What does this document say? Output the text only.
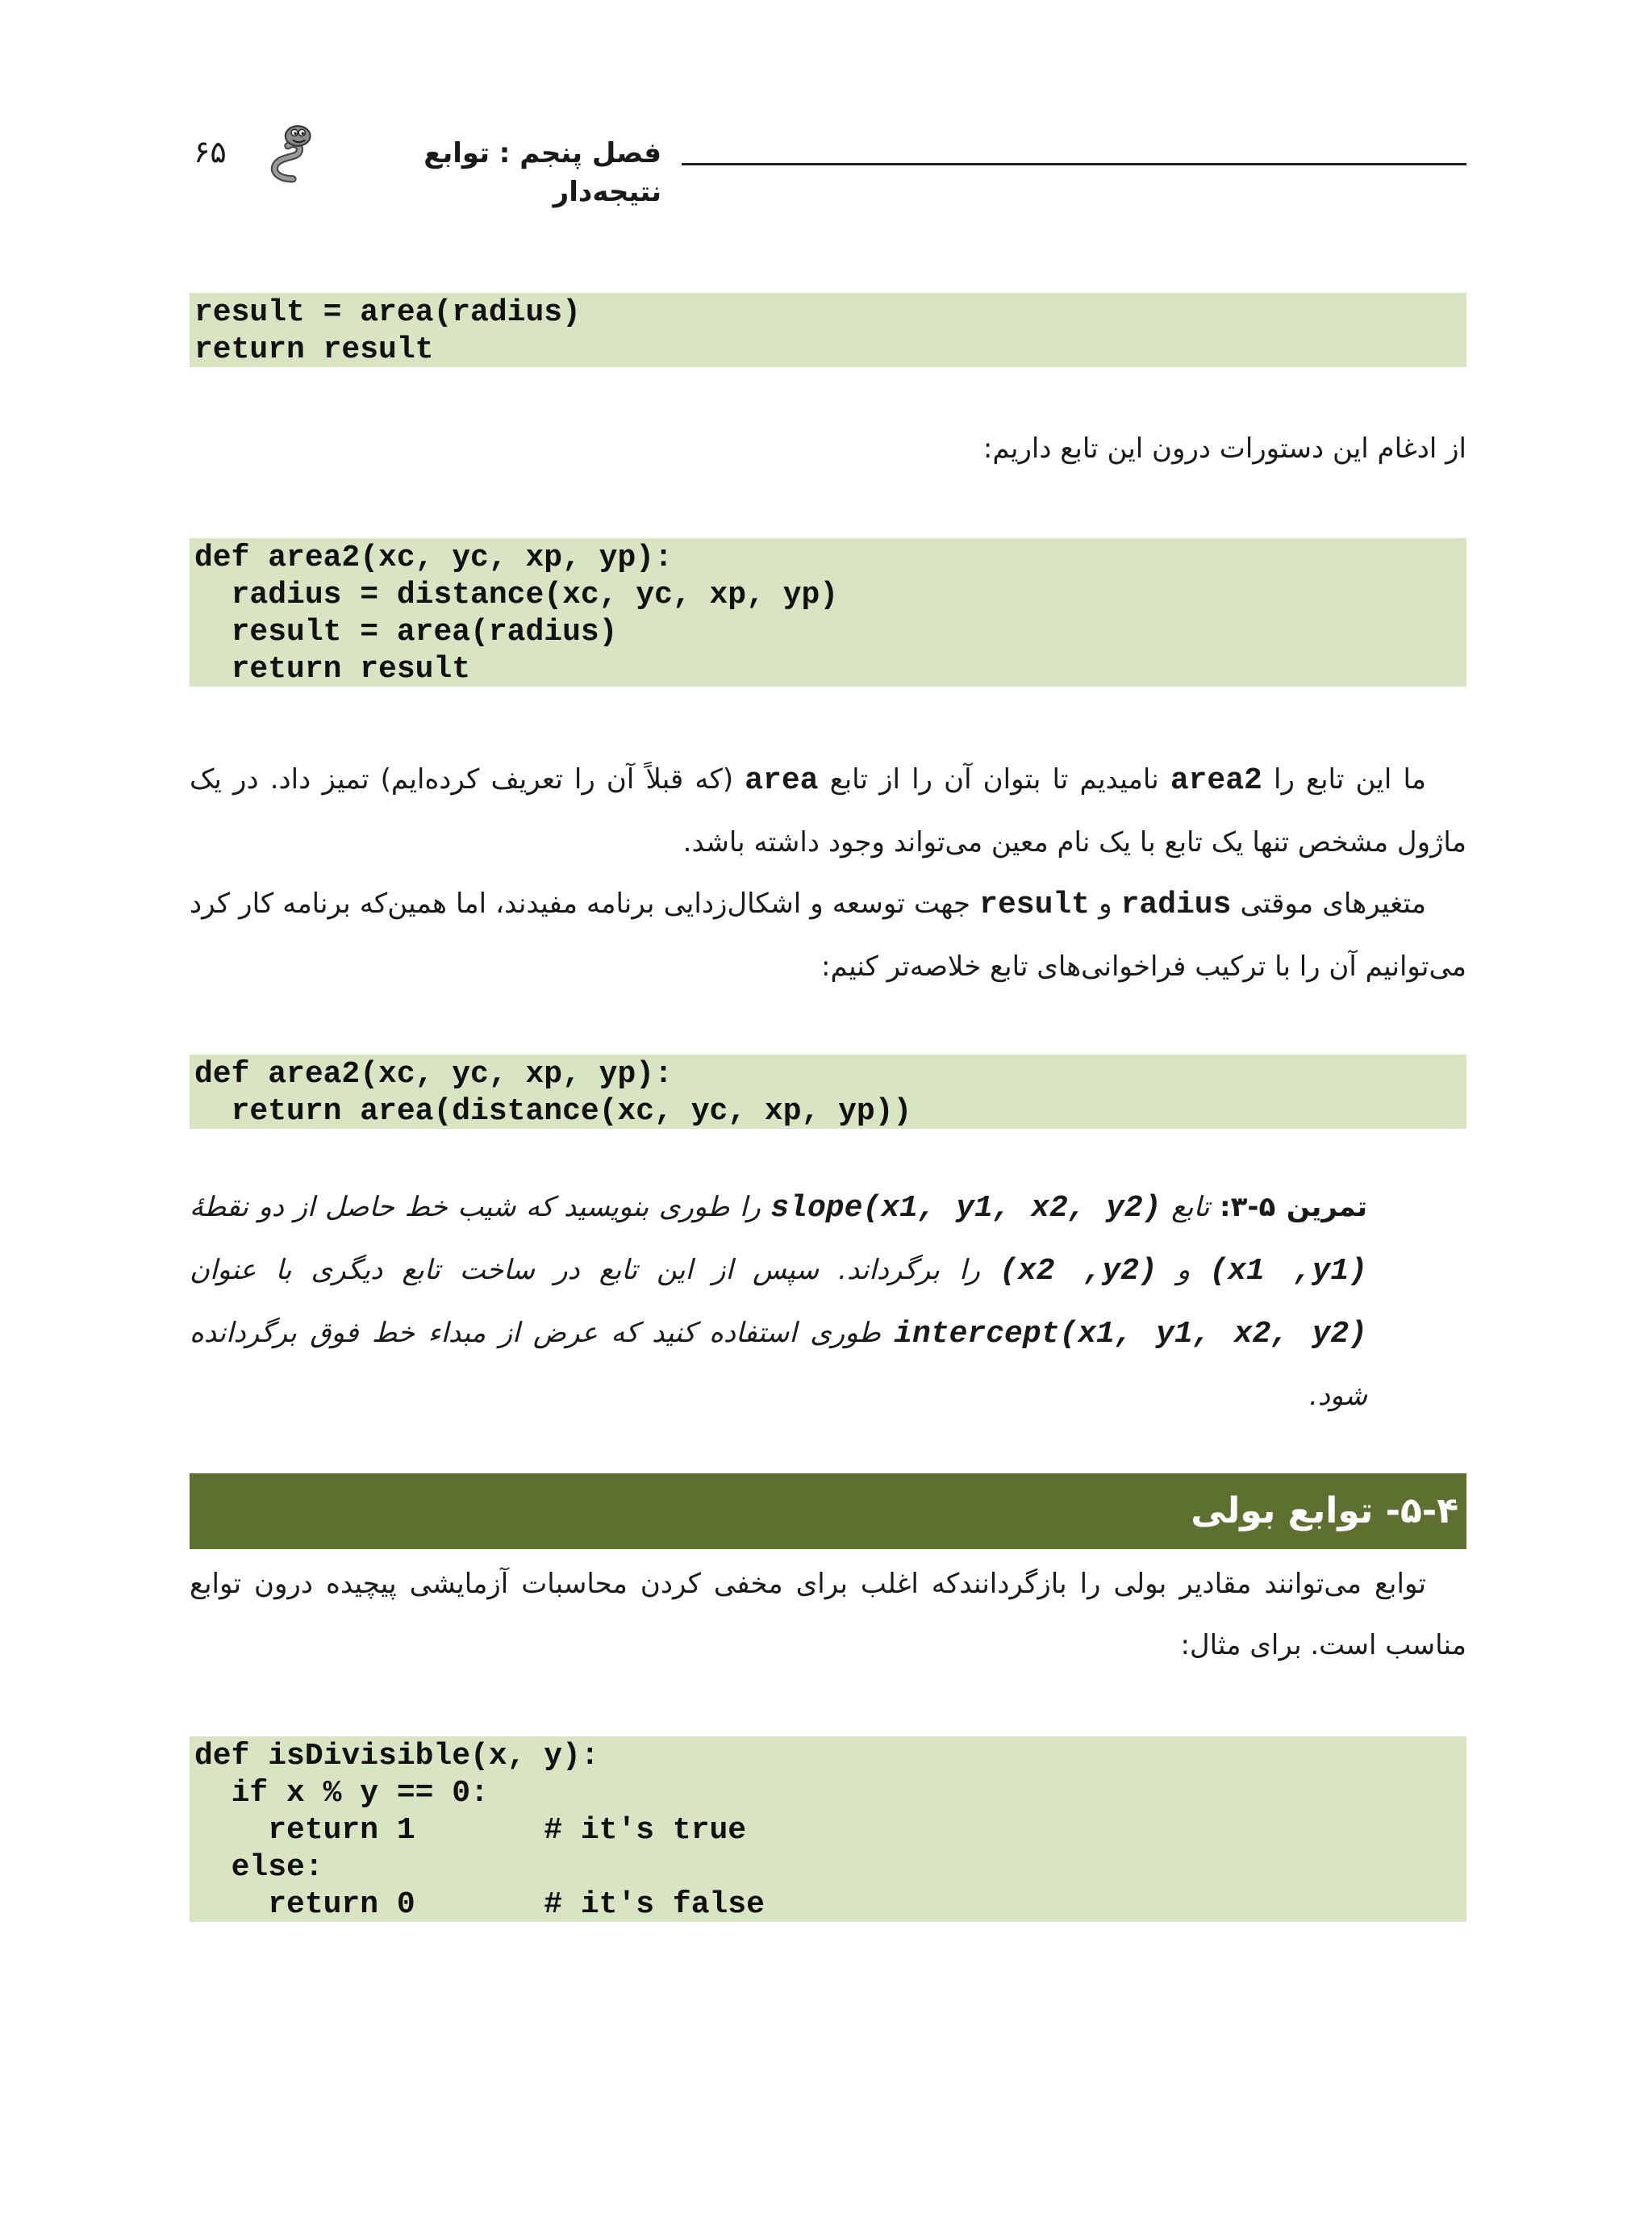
فصل پنجم : توابع نتیجه‌دار
۶۵
result = area(radius)
return result

از ادغام این دستورات درون این تابع داریم:

def area2(xc, yc, xp, yp):
radius = distance(xc, yc, xp, yp)
result = area(radius)
return result

ما این تابع را area2 نامیدیم تا بتوان آن را از تابع area (که قبلاً آن را تعریف کرده‌ایم) تمیز داد. در یک ماژول مشخص تنها یک تابع با یک نام معین می‌تواند وجود داشته باشد.

متغیرهای موقتی radius و result جهت توسعه و اشکال‌زدایی برنامه مفیدند، اما همین‌که برنامه کار کرد می‌توانیم آن را با ترکیب فراخوانی‌های تابع خلاصه‌تر کنیم:

def area2(xc, yc, xp, yp):
return area(distance(xc, yc, xp, yp))

تمرین ۵-۳: تابع slope(x1, y1, x2, y2) را طوری بنویسید که شیب خط حاصل از دو نقطهٔ (x1 ,y1) و (x2 ,y2) را برگرداند. سپس از این تابع در ساخت تابع دیگری با عنوان intercept(x1, y1, x2, y2) طوری استفاده کنید که عرض از مبداء خط فوق برگردانده شود.

۵-۴- توابع بولی

توابع می‌توانند مقادیر بولی را بازگردانندکه اغلب برای مخفی کردن محاسبات آزمایشی پیچیده درون توابع مناسب است. برای مثال:

def isDivisible(x, y):
if x % y == 0:
return 1       # it's true
else:
return 0       # it's false
